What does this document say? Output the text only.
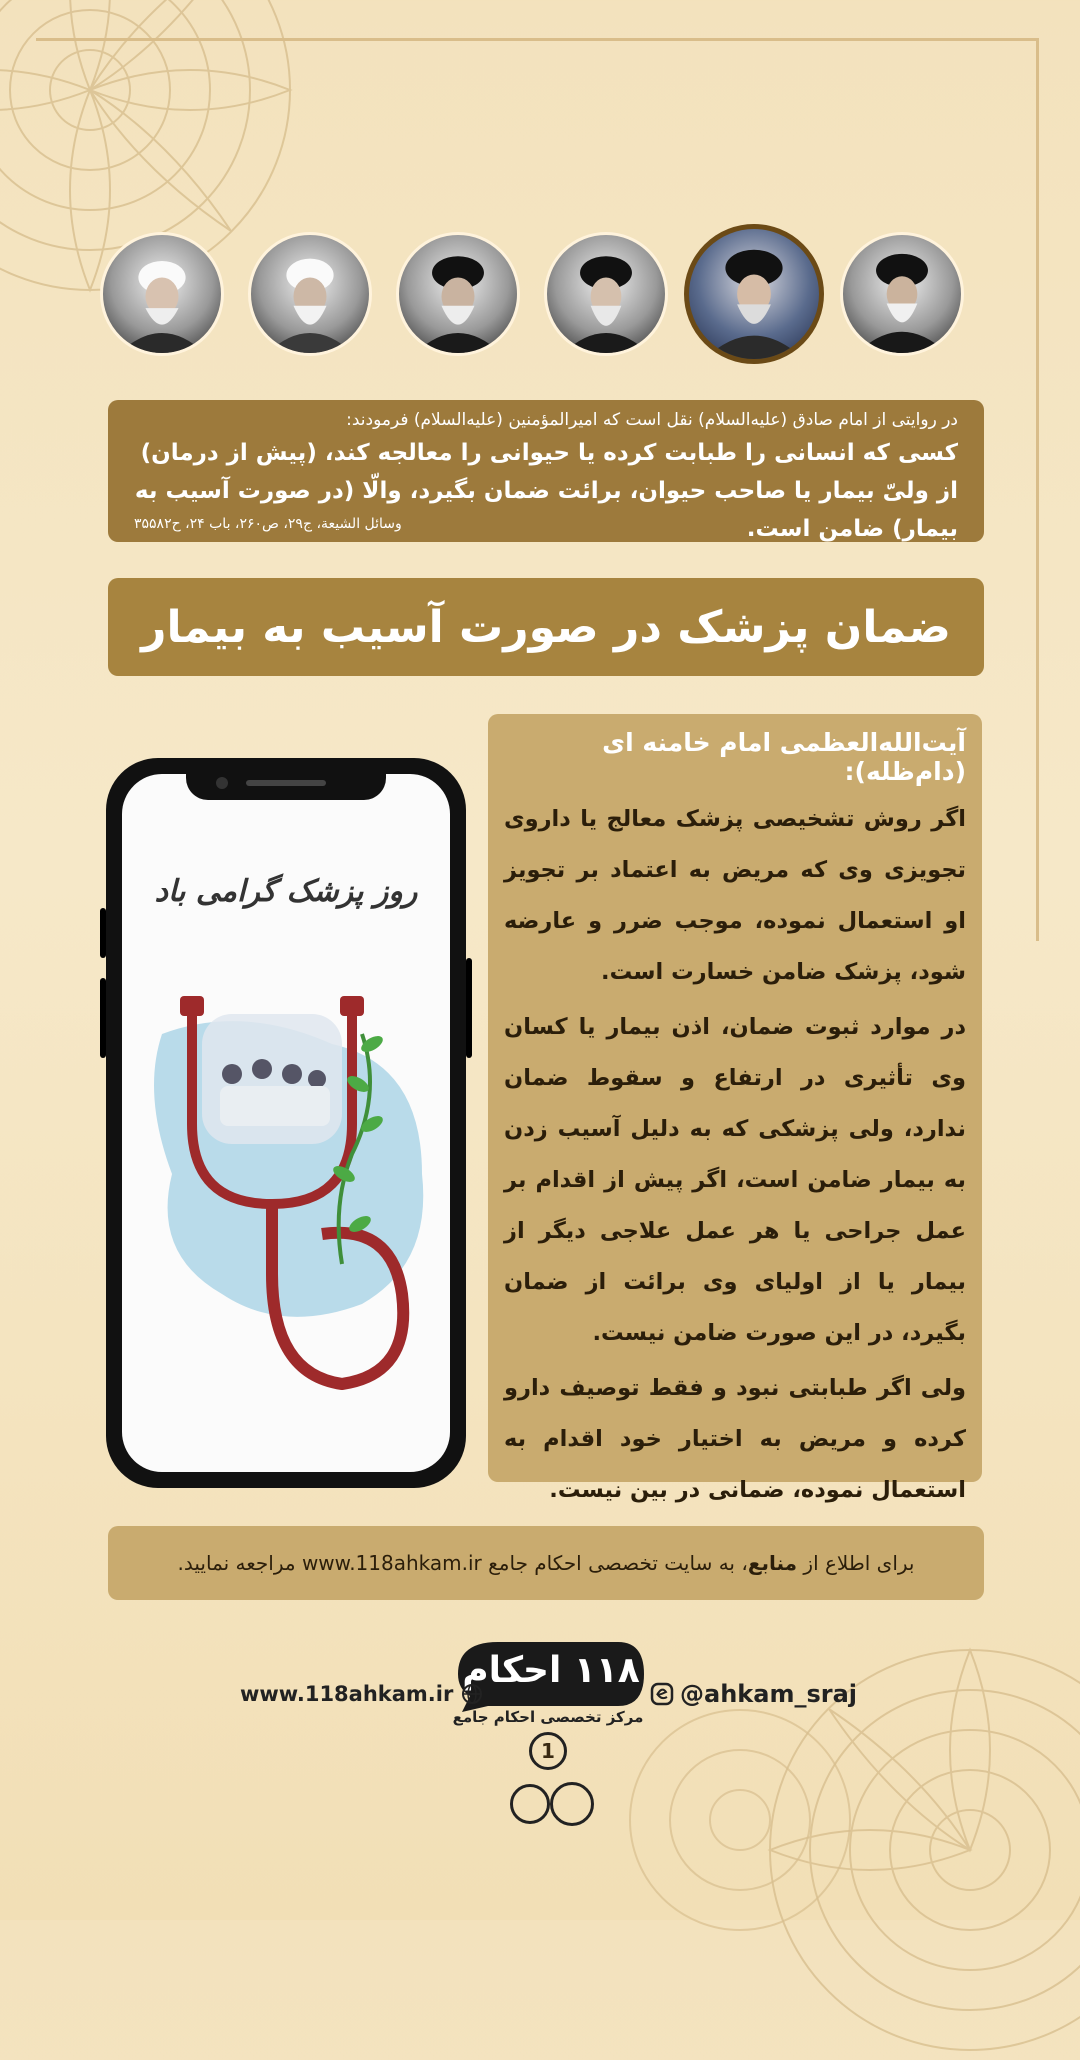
در روایتی از امام صادق (علیه‌السلام) نقل است که امیرالمؤمنین (علیه‌السلام) فرمودند:
کسی که انسانی را طبابت کرده یا حیوانی را معالجه کند، (پیش از درمان) از ولیّ بیمار یا صاحب حیوان، برائت ضمان بگیرد، والّا (در صورت آسیب به بیمار) ضامن است.
وسائل الشیعة، ج۲۹، ص۲۶۰، باب ۲۴، ح۳۵۵۸۲
ضمان پزشک در صورت آسیب به بیمار
روز پزشک گرامی باد
آیت‌الله‌العظمی امام خامنه ای (دام‌ظله):

اگر روش تشخیصی پزشک معالج یا داروی تجویزی وی که مریض به اعتماد بر تجویز او استعمال نموده، موجب ضرر و عارضه شود، پزشک ضامن خسارت است.

در موارد ثبوت ضمان، اذن بیمار یا کسان وی تأثیری در ارتفاع و سقوط ضمان ندارد، ولی پزشکی که به دلیل آسیب زدن به بیمار ضامن است، اگر پیش از اقدام بر عمل جراحی یا هر عمل علاجی دیگر از بیمار یا از اولیای وی برائت از ضمان بگیرد، در این صورت ضامن نیست.

ولی اگر طبابتی نبود و فقط توصیف دارو کرده و مریض به اختیار خود اقدام به استعمال نموده، ضمانی در بین نیست.

برای اطلاع از

منابع
، به سایت تخصصی احکام جامع www.118ahkam.ir مراجعه نمایید.
۱۱۸ احکام
مرکز تخصصی احکام جامع
www.118ahkam.ir	@ahkam_sraj
1
